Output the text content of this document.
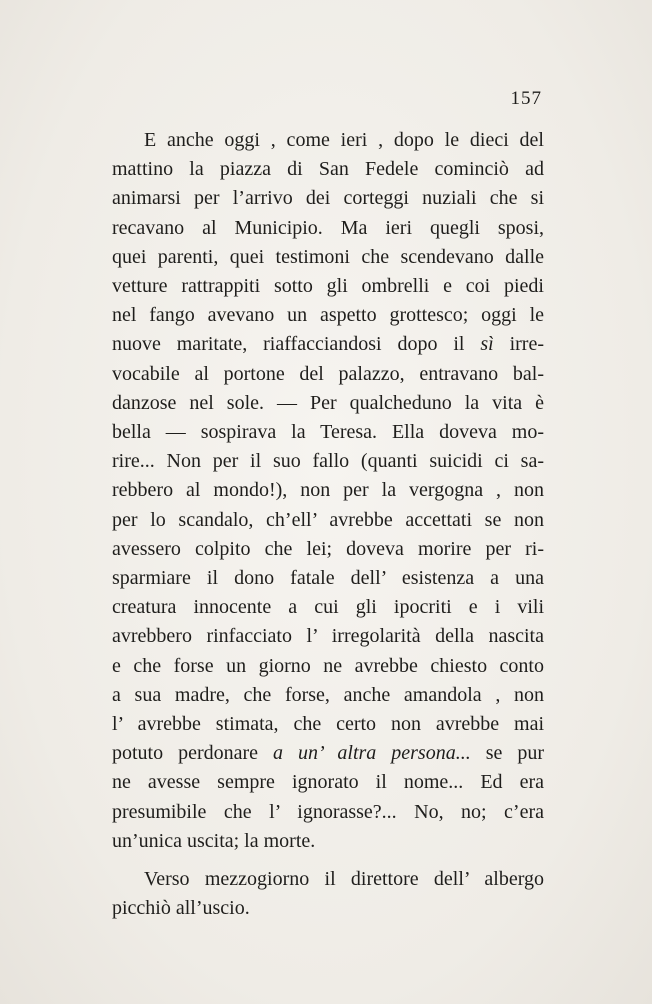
157
E anche oggi , come ieri , dopo le dieci del
mattino la piazza di San Fedele cominciò ad
animarsi per l’arrivo dei corteggi nuziali che si
recavano al Municipio. Ma ieri quegli sposi,
quei parenti, quei testimoni che scendevano dalle
vetture rattrappiti sotto gli ombrelli e coi piedi
nel fango avevano un aspetto grottesco; oggi le
nuove maritate, riaffacciandosi dopo il sì irre-
vocabile al portone del palazzo, entravano bal-
danzose nel sole. — Per qualcheduno la vita è
bella — sospirava la Teresa. Ella doveva mo-
rire... Non per il suo fallo (quanti suicidi ci sa-
rebbero al mondo!), non per la vergogna , non
per lo scandalo, ch’ell’ avrebbe accettati se non
avessero colpito che lei; doveva morire per ri-
sparmiare il dono fatale dell’ esistenza a una
creatura innocente a cui gli ipocriti e i vili
avrebbero rinfacciato l’ irregolarità della nascita
e che forse un giorno ne avrebbe chiesto conto
a sua madre, che forse, anche amandola , non
l’ avrebbe stimata, che certo non avrebbe mai
potuto perdonare a un’ altra persona... se pur
ne avesse sempre ignorato il nome... Ed era
presumibile che l’ ignorasse?... No, no; c’era
un’unica uscita; la morte.
Verso mezzogiorno il direttore dell’ albergo
picchiò all’uscio.
